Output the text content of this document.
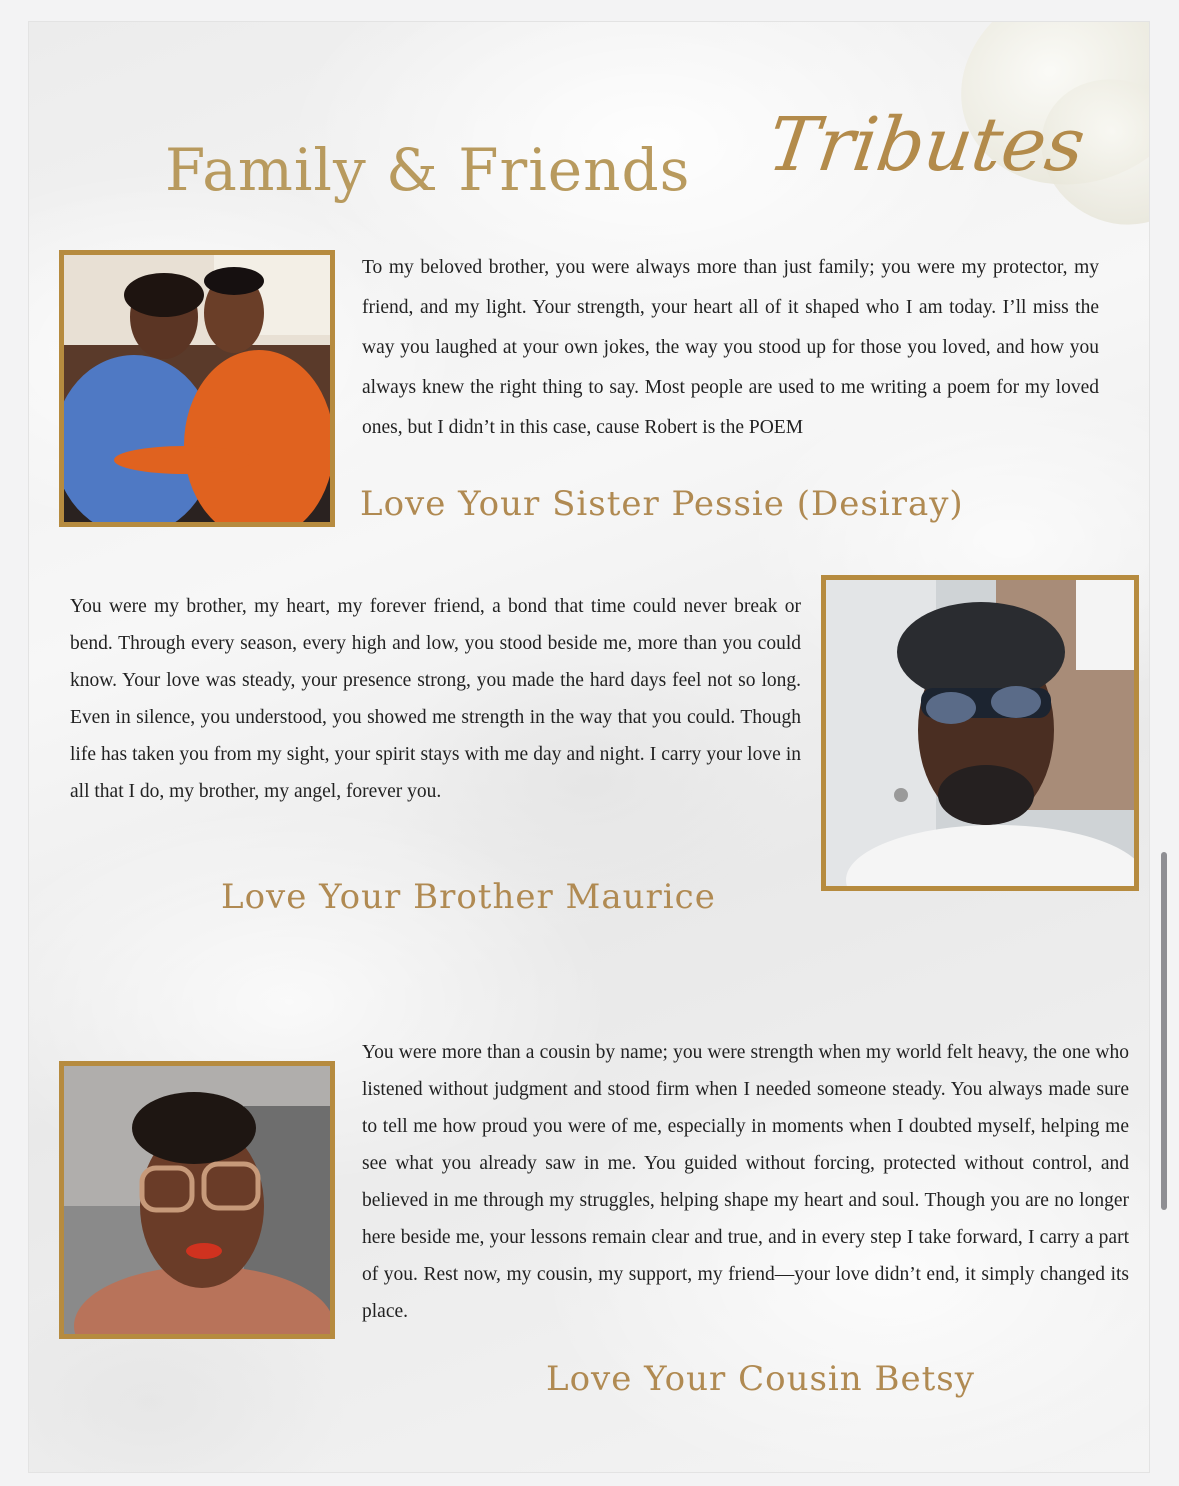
Family & Friends Tributes
To my beloved brother, you were always more than just family; you were my protector, my friend, and my light. Your strength, your heart all of it shaped who I am today. I’ll miss the way you laughed at your own jokes, the way you stood up for those you loved, and how you always knew the right thing to say. Most people are used to me writing a poem for my loved ones, but I didn’t in this case, cause Robert is the POEM
Love Your Sister Pessie (Desiray)
You were my brother, my heart, my forever friend, a bond that time could never break or bend. Through every season, every high and low, you stood beside me, more than you could know. Your love was steady, your presence strong, you made the hard days feel not so long. Even in silence, you understood, you showed me strength in the way that you could. Though life has taken you from my sight, your spirit stays with me day and night. I carry your love in all that I do, my brother, my angel, forever you.
Love Your Brother Maurice
You were more than a cousin by name; you were strength when my world felt heavy, the one who listened without judgment and stood firm when I needed someone steady. You always made sure to tell me how proud you were of me, especially in moments when I doubted myself, helping me see what you already saw in me. You guided without forcing, protected without control, and believed in me through my struggles, helping shape my heart and soul. Though you are no longer here beside me, your lessons remain clear and true, and in every step I take forward, I carry a part of you. Rest now, my cousin, my support, my friend—your love didn’t end, it simply changed its place.
Love Your Cousin Betsy
